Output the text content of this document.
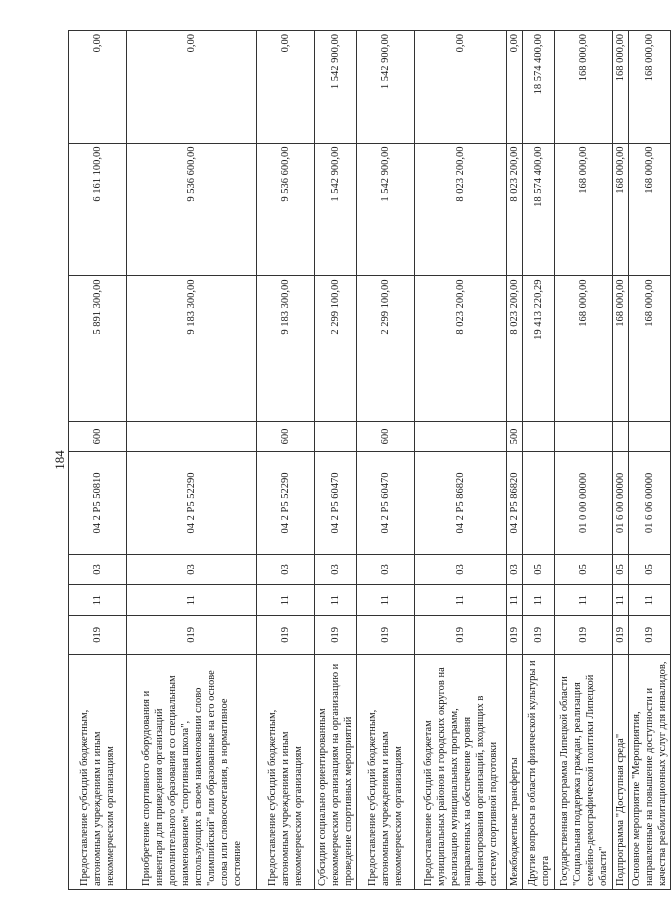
184
Предоставление субсидий бюджетным, автономным учреждениям и иным некоммерческим организациям	019	11	03	04 2 P5 50810	600	5 891 300,00	6 161 100,00	0,00
Приобретение спортивного оборудования и инвентаря для приведения организаций дополнительного образования со специальным наименованием "спортивная школа", использующих в своем наименовании слово "олимпийский" или образованные на его основе слова или словосочетания, в нормативное состояние	019	11	03	04 2 P5 52290		9 183 300,00	9 536 600,00	0,00
Предоставление субсидий бюджетным, автономным учреждениям и иным некоммерческим организациям	019	11	03	04 2 P5 52290	600	9 183 300,00	9 536 600,00	0,00
Субсидии социально ориентированным некоммерческим организациям на организацию и проведение спортивных мероприятий	019	11	03	04 2 P5 60470		2 299 100,00	1 542 900,00	1 542 900,00
Предоставление субсидий бюджетным, автономным учреждениям и иным некоммерческим организациям	019	11	03	04 2 P5 60470	600	2 299 100,00	1 542 900,00	1 542 900,00
Предоставление субсидий бюджетам муниципальных районов и городских округов на реализацию муниципальных программ, направленных на обеспечение уровня финансирования организаций, входящих в систему спортивной подготовки	019	11	03	04 2 P5 86820		8 023 200,00	8 023 200,00	0,00
Межбюджетные трансферты	019	11	03	04 2 P5 86820	500	8 023 200,00	8 023 200,00	0,00
Другие вопросы в области физической культуры и спорта	019	11	05			19 413 220,29	18 574 400,00	18 574 400,00
Государственная программа Липецкой области "Социальная поддержка граждан, реализация семейно-демографической политики Липецкой области"	019	11	05	01 0 00 00000		168 000,00	168 000,00	168 000,00
Подпрограмма "Доступная среда"	019	11	05	01 6 00 00000		168 000,00	168 000,00	168 000,00
Основное мероприятие "Мероприятия, направленные на повышение доступности и качества реабилитационных услуг для инвалидов,	019	11	05	01 6 06 00000		168 000,00	168 000,00	168 000,00
